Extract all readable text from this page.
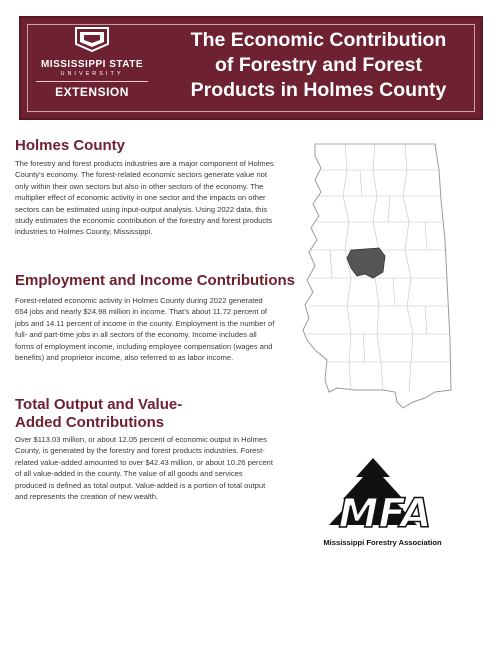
MISSISSIPPI STATE
UNIVERSITY
EXTENSION
The Economic Contribution
of Forestry and Forest
Products in Holmes County
Holmes County
The forestry and forest products industries are a major component of Holmes County’s economy. The forest-related economic sectors generate value not only within their own sectors but also in other sectors of the economy. The multiplier effect of economic activity in one sector and the impacts on other sectors can be estimated using input-output analysis. Using 2022 data, this study estimates the economic contribution of the forestry and forest products industries to Holmes County, Mississippi.
Employment and Income Contributions
Forest-related economic activity in Holmes County during 2022 generated 654 jobs and nearly $24.98 million in income. That’s about 11.72 percent of jobs and 14.11 percent of income in the county. Employment is the number of full- and part-time jobs in all sectors of the economy. Income includes all forms of employment income, including employee compensation (wages and benefits) and proprietor income, also referred to as labor income.
Total Output and Value-
Added Contributions
Over $113.03 million, or about 12.05 percent of economic output in Holmes County, is generated by the forestry and forest products industries. Forest-related value-added amounted to over $42.43 million, or about 10.26 percent of all value-added in the county. The value of all goods and services produced is defined as total output. Value-added is a portion of total output and represents the creation of new wealth.	MFA
Mississippi Forestry Association
